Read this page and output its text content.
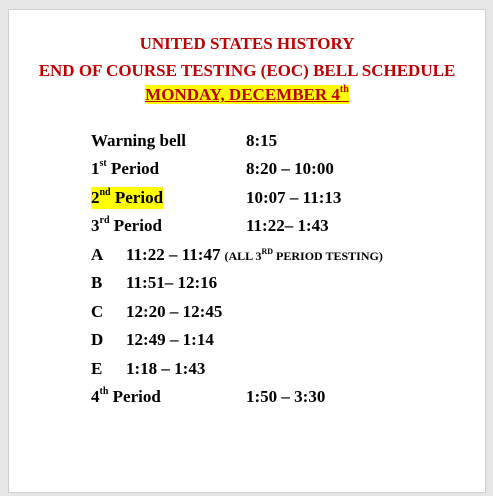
UNITED STATES HISTORY
END OF COURSE TESTING (EOC) BELL SCHEDULE
MONDAY, DECEMBER 4th
Warning bell	8:15
1st Period	8:20 – 10:00
2nd Period	10:07 – 11:13
3rd Period	11:22– 1:43
A 11:22 – 11:47 (ALL 3RD PERIOD TESTING)
B 11:51– 12:16
C 12:20 – 12:45
D 12:49 – 1:14
E 1:18 – 1:43
4th Period	1:50 – 3:30
